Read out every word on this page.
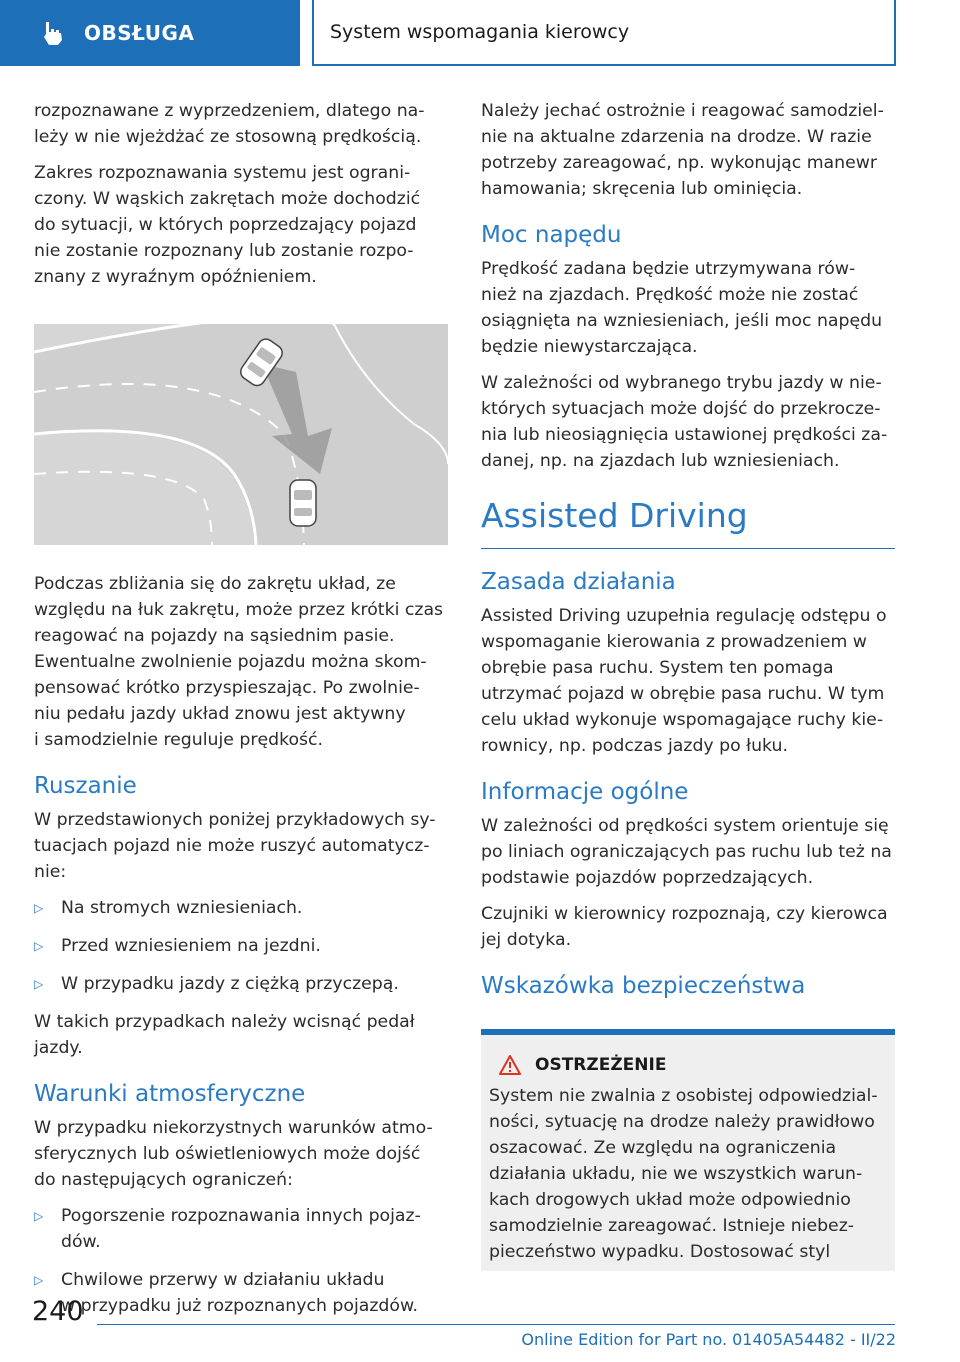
OBSŁUGA	System wspomagania kierowcy

rozpoznawane z wyprzedzeniem, dlatego na-
leży w nie wjeżdżać ze stosowną prędkością.

Zakres rozpoznawania systemu jest ograni-
czony. W wąskich zakrętach może dochodzić
do sytuacji, w których poprzedzający pojazd
nie zostanie rozpoznany lub zostanie rozpo-
znany z wyraźnym opóźnieniem.

Podczas zbliżania się do zakrętu układ, ze
względu na łuk zakrętu, może przez krótki czas
reagować na pojazdy na sąsiednim pasie.
Ewentualne zwolnienie pojazdu można skom-
pensować krótko przyspieszając. Po zwolnie-
niu pedału jazdy układ znowu jest aktywny
i samodzielnie reguluje prędkość.

Ruszanie

W przedstawionych poniżej przykładowych sy-
tuacjach pojazd nie może ruszyć automatycz-
nie:

▷	Na stromych wzniesieniach.
▷	Przed wzniesieniem na jezdni.
▷	W przypadku jazdy z ciężką przyczepą.

W takich przypadkach należy wcisnąć pedał
jazdy.

Warunki atmosferyczne

W przypadku niekorzystnych warunków atmo-
sferycznych lub oświetleniowych może dojść
do następujących ograniczeń:

▷	Pogorszenie rozpoznawania innych pojaz-
dów.
▷	Chwilowe przerwy w działaniu układu
w przypadku już rozpoznanych pojazdów.

Należy jechać ostrożnie i reagować samodziel-
nie na aktualne zdarzenia na drodze. W razie
potrzeby zareagować, np. wykonując manewr
hamowania; skręcenia lub ominięcia.

Moc napędu

Prędkość zadana będzie utrzymywana rów-
nież na zjazdach. Prędkość może nie zostać
osiągnięta na wzniesieniach, jeśli moc napędu
będzie niewystarczająca.

W zależności od wybranego trybu jazdy w nie-
których sytuacjach może dojść do przekrocze-
nia lub nieosiągnięcia ustawionej prędkości za-
danej, np. na zjazdach lub wzniesieniach.

Assisted Driving
Zasada działania

Assisted Driving uzupełnia regulację odstępu o
wspomaganie kierowania z prowadzeniem w
obrębie pasa ruchu. System ten pomaga
utrzymać pojazd w obrębie pasa ruchu. W tym
celu układ wykonuje wspomagające ruchy kie-
rownicy, np. podczas jazdy po łuku.

Informacje ogólne

W zależności od prędkości system orientuje się
po liniach ograniczających pas ruchu lub też na
podstawie pojazdów poprzedzających.

Czujniki w kierownicy rozpoznają, czy kierowca
jej dotyka.

Wskazówka bezpieczeństwa
OSTRZEŻENIE

System nie zwalnia z osobistej odpowiedzial-
ności, sytuację na drodze należy prawidłowo
oszacować. Ze względu na ograniczenia
działania układu, nie we wszystkich warun-
kach drogowych układ może odpowiednio
samodzielnie zareagować. Istnieje niebez-
pieczeństwo wypadku. Dostosować styl

240
Online Edition for Part no. 01405A54482 - II/22
